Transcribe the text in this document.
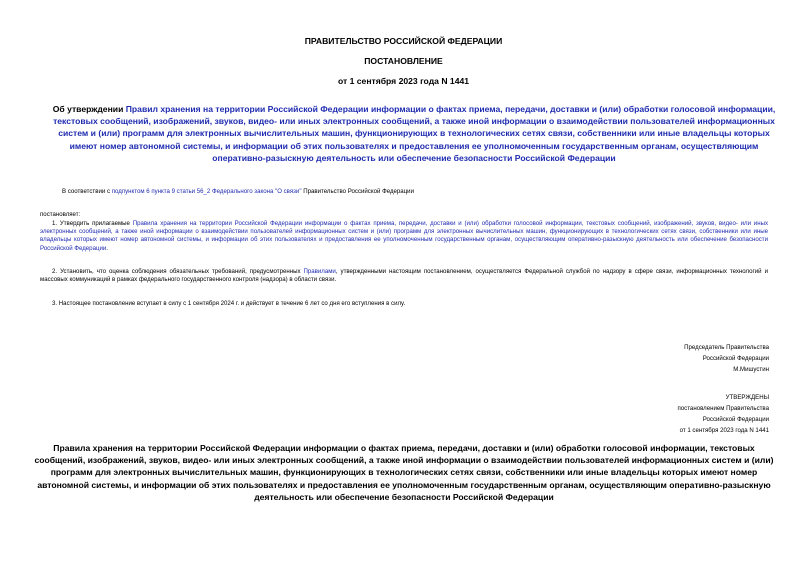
ПРАВИТЕЛЬСТВО РОССИЙСКОЙ ФЕДЕРАЦИИ
ПОСТАНОВЛЕНИЕ
от 1 сентября 2023 года N 1441
Об утверждении Правил хранения на территории Российской Федерации информации о фактах приема, передачи, доставки и (или) обработки голосовой информации, текстовых сообщений, изображений, звуков, видео- или иных электронных сообщений, а также иной информации о взаимодействии пользователей информационных систем и (или) программ для электронных вычислительных машин, функционирующих в технологических сетях связи, собственники или иные владельцы которых имеют номер автономной системы, и информации об этих пользователях и предоставления ее уполномоченным государственным органам, осуществляющим оперативно-разыскную деятельность или обеспечение безопасности Российской Федерации
В соответствии с подпунктом 6 пункта 9 статьи 56_2 Федерального закона "О связи" Правительство Российской Федерации
постановляет:
1. Утвердить прилагаемые Правила хранения на территории Российской Федерации информации о фактах приема, передачи, доставки и (или) обработки голосовой информации, текстовых сообщений, изображений, звуков, видео- или иных электронных сообщений, а также иной информации о взаимодействии пользователей информационных систем и (или) программ для электронных вычислительных машин, функционирующих в технологических сетях связи, собственники или иные владельцы которых имеют номер автономной системы, и информации об этих пользователях и предоставления ее уполномоченным государственным органам, осуществляющим оперативно-разыскную деятельность или обеспечение безопасности Российской Федерации.
2. Установить, что оценка соблюдения обязательных требований, предусмотренных Правилами, утвержденными настоящим постановлением, осуществляется Федеральной службой по надзору в сфере связи, информационных технологий и массовых коммуникаций в рамках федерального государственного контроля (надзора) в области связи.
3. Настоящее постановление вступает в силу с 1 сентября 2024 г. и действует в течение 6 лет со дня его вступления в силу.
Председатель Правительства
Российской Федерации
М.Мишустин
УТВЕРЖДЕНЫ
постановлением Правительства
Российской Федерации
от 1 сентября 2023 года N 1441
Правила хранения на территории Российской Федерации информации о фактах приема, передачи, доставки и (или) обработки голосовой информации, текстовых сообщений, изображений, звуков, видео- или иных электронных сообщений, а также иной информации о взаимодействии пользователей информационных систем и (или) программ для электронных вычислительных машин, функционирующих в технологических сетях связи, собственники или иные владельцы которых имеют номер автономной системы, и информации об этих пользователях и предоставления ее уполномоченным государственным органам, осуществляющим оперативно-разыскную деятельность или обеспечение безопасности Российской Федерации
